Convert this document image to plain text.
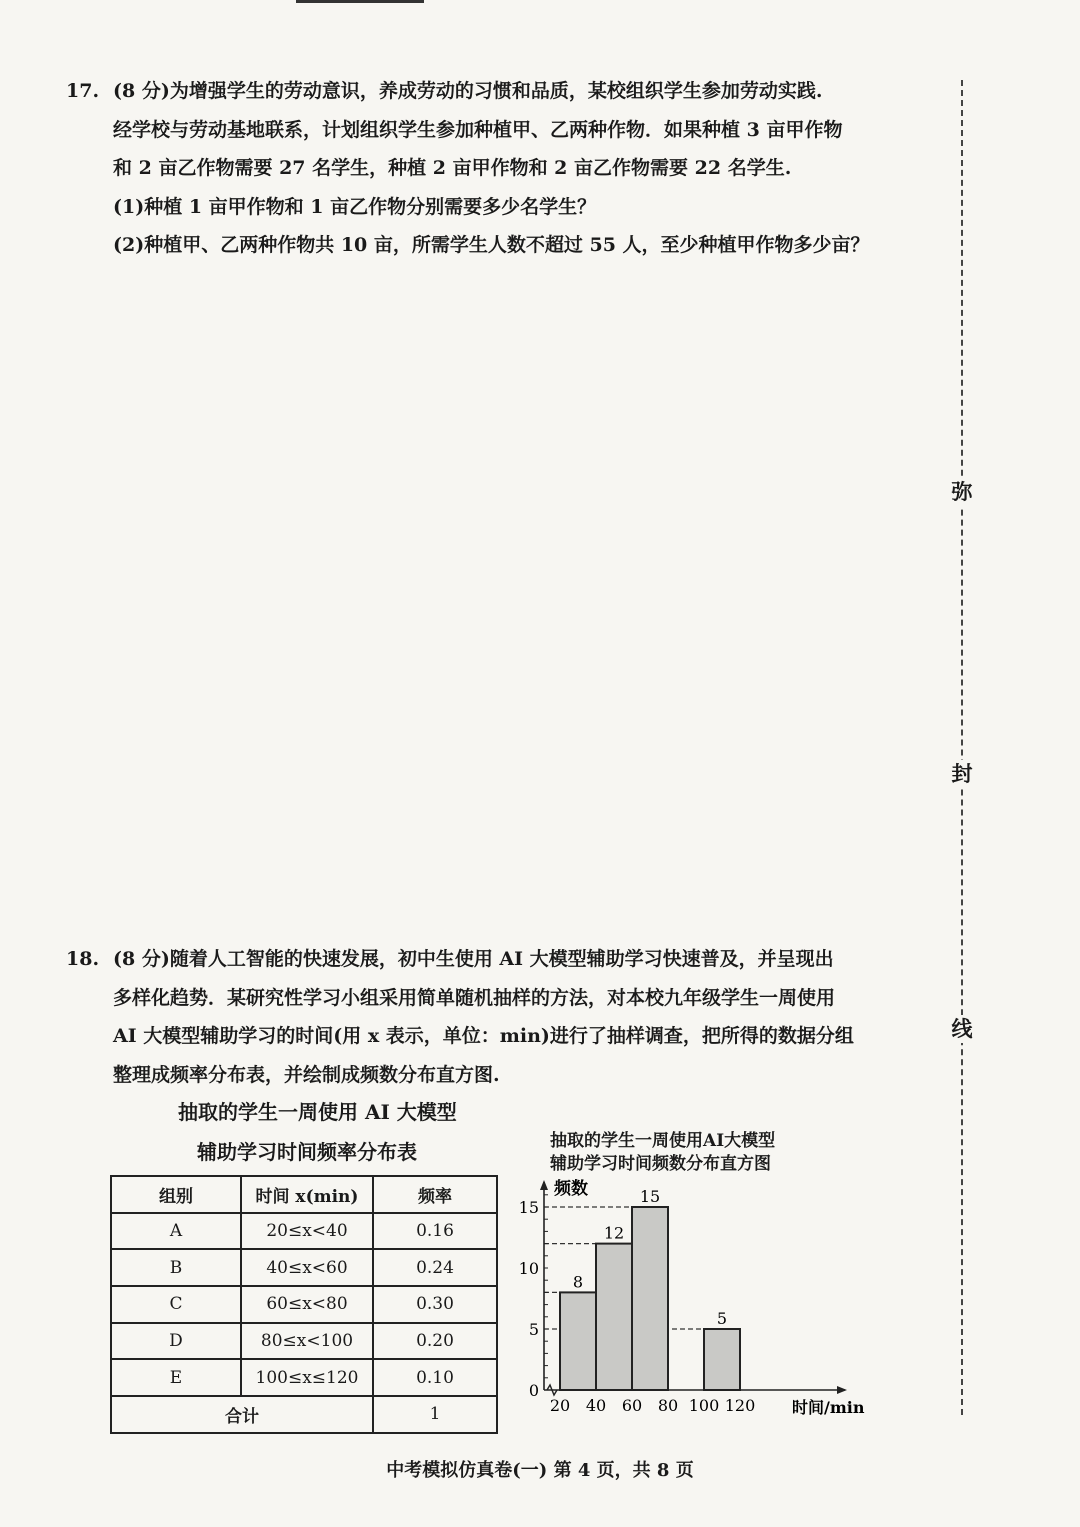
17. (8 分)为增强学生的劳动意识，养成劳动的习惯和品质，某校组织学生参加劳动实践.
经学校与劳动基地联系，计划组织学生参加种植甲、乙两种作物．如果种植 3 亩甲作物
和 2 亩乙作物需要 27 名学生，种植 2 亩甲作物和 2 亩乙作物需要 22 名学生.
(1)种植 1 亩甲作物和 1 亩乙作物分别需要多少名学生？
(2)种植甲、乙两种作物共 10 亩，所需学生人数不超过 55 人，至少种植甲作物多少亩？
18. (8 分)随着人工智能的快速发展，初中生使用 AI 大模型辅助学习快速普及，并呈现出
多样化趋势．某研究性学习小组采用简单随机抽样的方法，对本校九年级学生一周使用
AI 大模型辅助学习的时间(用 x 表示，单位：min)进行了抽样调查，把所得的数据分组
整理成频率分布表，并绘制成频数分布直方图.
弥
封
线
抽取的学生一周使用 AI 大模型
辅助学习时间频率分布表
组别	时间 x(min)	频率
A	20≤x<40	0.16
B	40≤x<60	0.24
C	60≤x<80	0.30
D	80≤x<100	0.20
E	100≤x≤120	0.10
合计		1
抽取的学生一周使用AI大模型
辅助学习时间频数分布直方图
8
12
15
5
5
10
15
0
20 40 60 80 100 120
频数
时间/min
中考模拟仿真卷(一) 第 4 页，共 8 页
